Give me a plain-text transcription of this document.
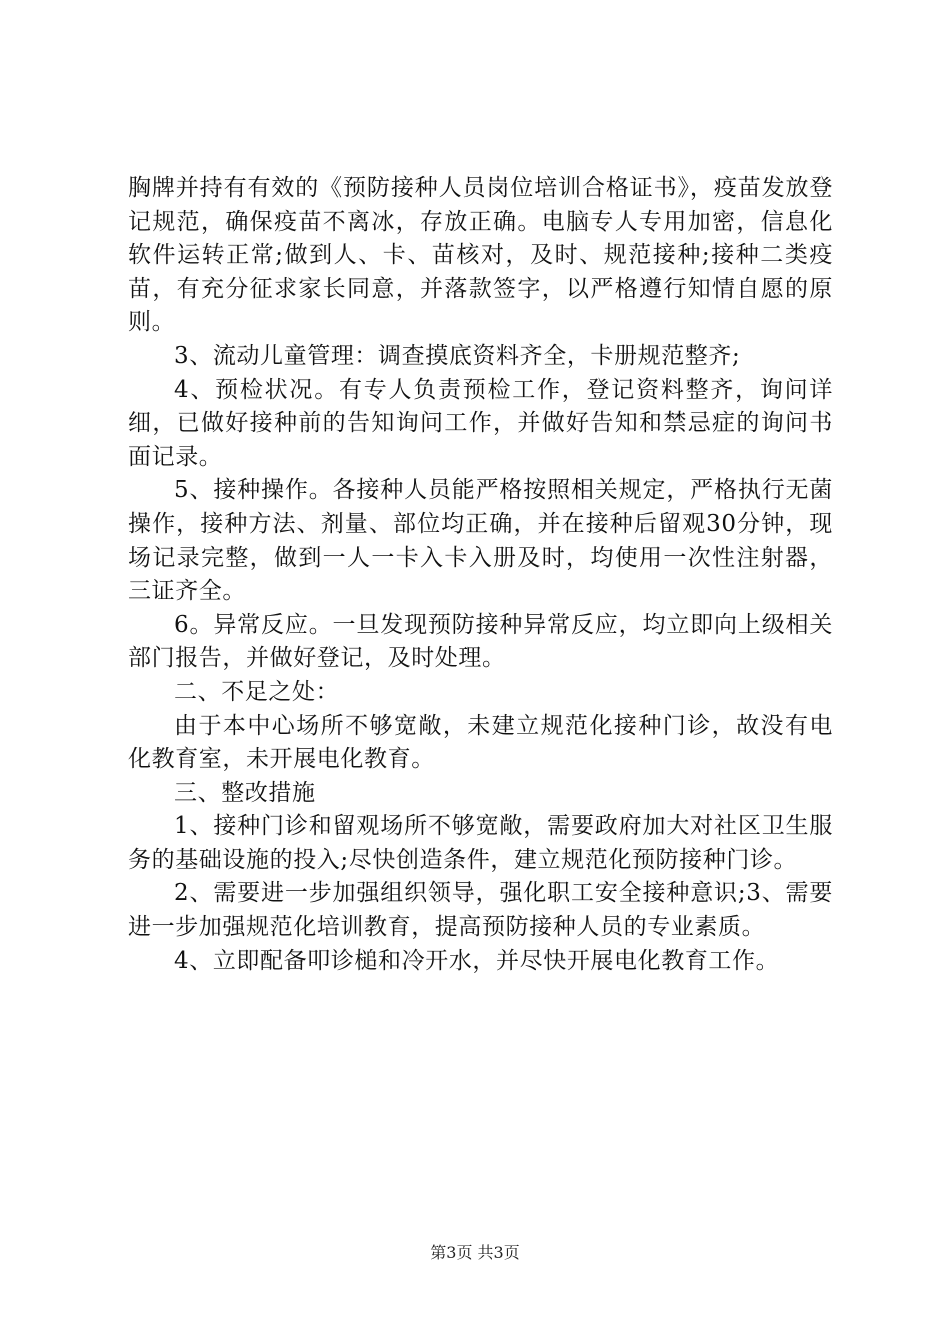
胸牌并持有有效的《预防接种人员岗位培训合格证书》，疫苗发放登记规范，确保疫苗不离冰，存放正确。电脑专人专用加密，信息化软件运转正常;做到人、卡、苗核对，及时、规范接种;接种二类疫苗，有充分征求家长同意，并落款签字，以严格遵行知情自愿的原则。

3、流动儿童管理：调查摸底资料齐全，卡册规范整齐;

4、预检状况。有专人负责预检工作，登记资料整齐，询问详细，已做好接种前的告知询问工作，并做好告知和禁忌症的询问书面记录。

5、接种操作。各接种人员能严格按照相关规定，严格执行无菌操作，接种方法、剂量、部位均正确，并在接种后留观30分钟，现场记录完整，做到一人一卡入卡入册及时，均使用一次性注射器，三证齐全。

6。异常反应。一旦发现预防接种异常反应，均立即向上级相关部门报告，并做好登记，及时处理。

二、不足之处：

由于本中心场所不够宽敞，未建立规范化接种门诊，故没有电化教育室，未开展电化教育。

三、整改措施

1、接种门诊和留观场所不够宽敞，需要政府加大对社区卫生服务的基础设施的投入;尽快创造条件，建立规范化预防接种门诊。

2、需要进一步加强组织领导，强化职工安全接种意识;3、需要进一步加强规范化培训教育，提高预防接种人员的专业素质。

4、立即配备叩诊槌和冷开水，并尽快开展电化教育工作。

第3页 共3页
